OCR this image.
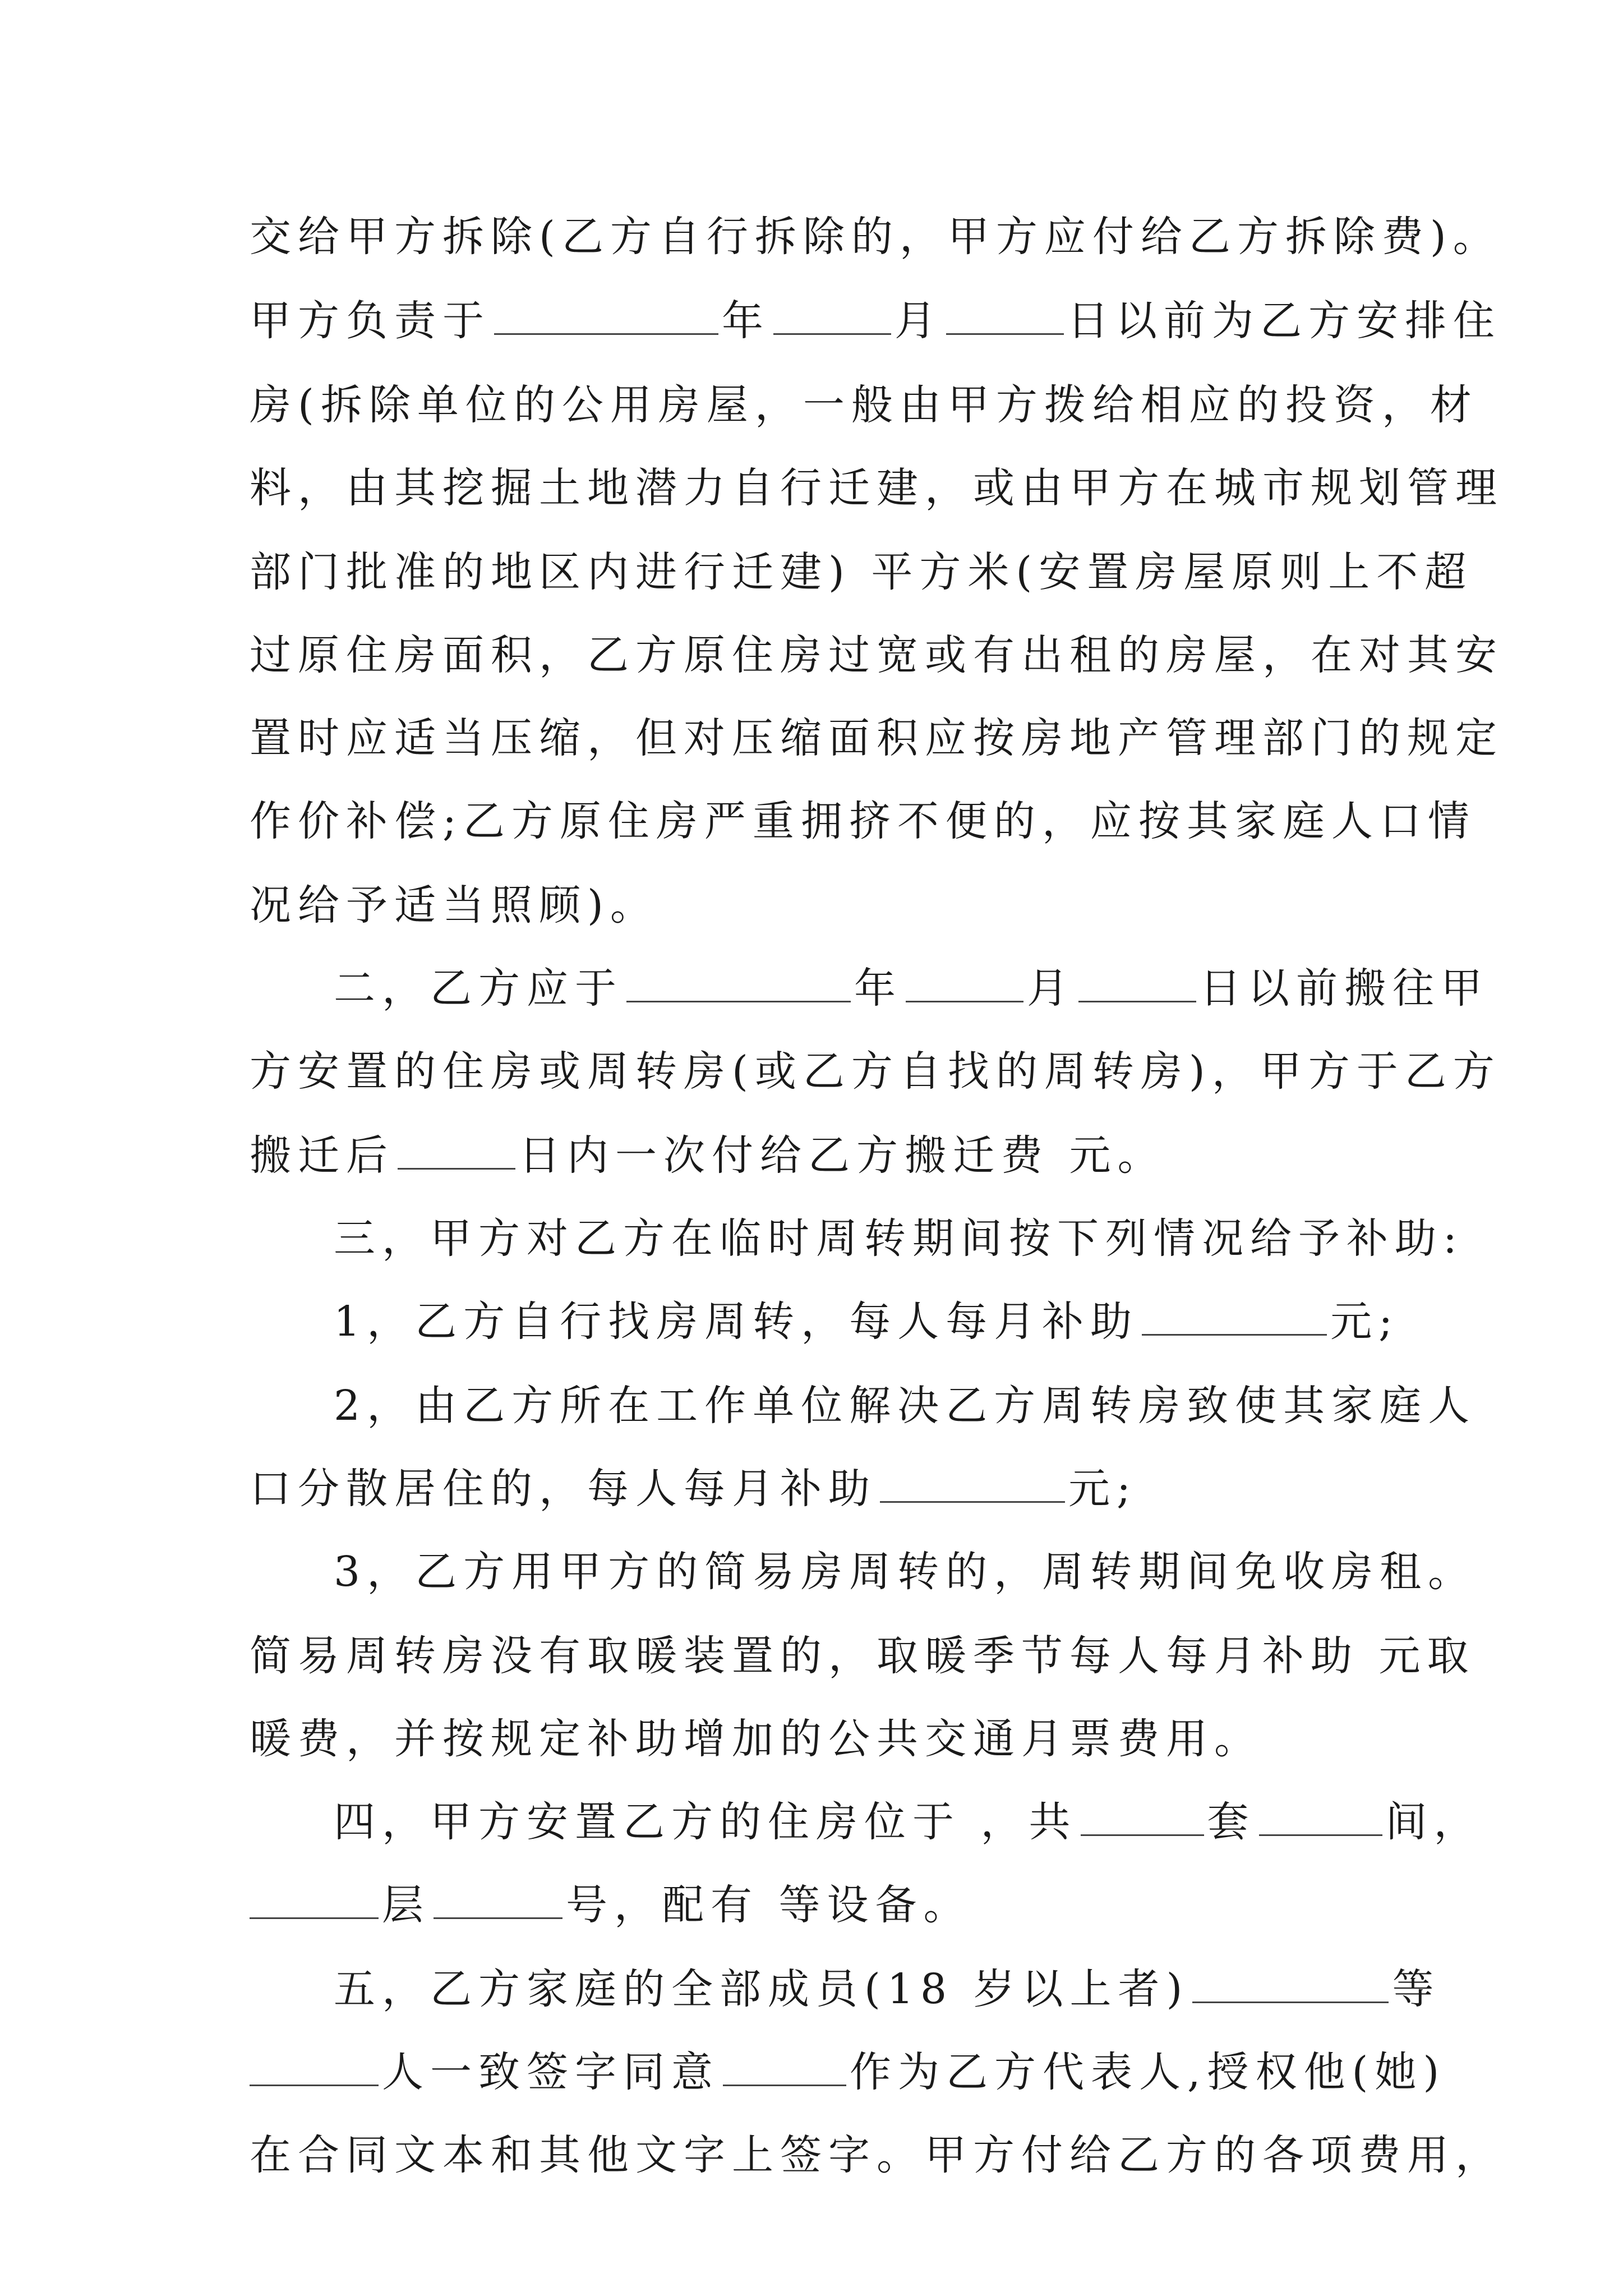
交给甲方拆除(乙方自行拆除的，甲方应付给乙方拆除费)。
甲方负责于	年	月	日以前为乙方安排住
房(拆除单位的公用房屋，一般由甲方拨给相应的投资，材
料，由其挖掘土地潜力自行迁建，或由甲方在城市规划管理
部门批准的地区内进行迁建) 平方米(安置房屋原则上不超
过原住房面积，乙方原住房过宽或有出租的房屋，在对其安
置时应适当压缩，但对压缩面积应按房地产管理部门的规定
作价补偿;乙方原住房严重拥挤不便的，应按其家庭人口情
况给予适当照顾)。
二，乙方应于	年	月	日以前搬往甲
方安置的住房或周转房(或乙方自找的周转房)，甲方于乙方
搬迁后	日内一次付给乙方搬迁费 元。
三，甲方对乙方在临时周转期间按下列情况给予补助:
1，乙方自行找房周转，每人每月补助	元;
2，由乙方所在工作单位解决乙方周转房致使其家庭人
口分散居住的，每人每月补助	元;
3，乙方用甲方的简易房周转的，周转期间免收房租。
简易周转房没有取暖装置的，取暖季节每人每月补助 元取
暖费，并按规定补助增加的公共交通月票费用。
四，甲方安置乙方的住房位于 ，共	套	间，
层	号，配有 等设备。
五，乙方家庭的全部成员(18 岁以上者)	等
人一致签字同意	作为乙方代表人,授权他(她)
在合同文本和其他文字上签字。甲方付给乙方的各项费用，
